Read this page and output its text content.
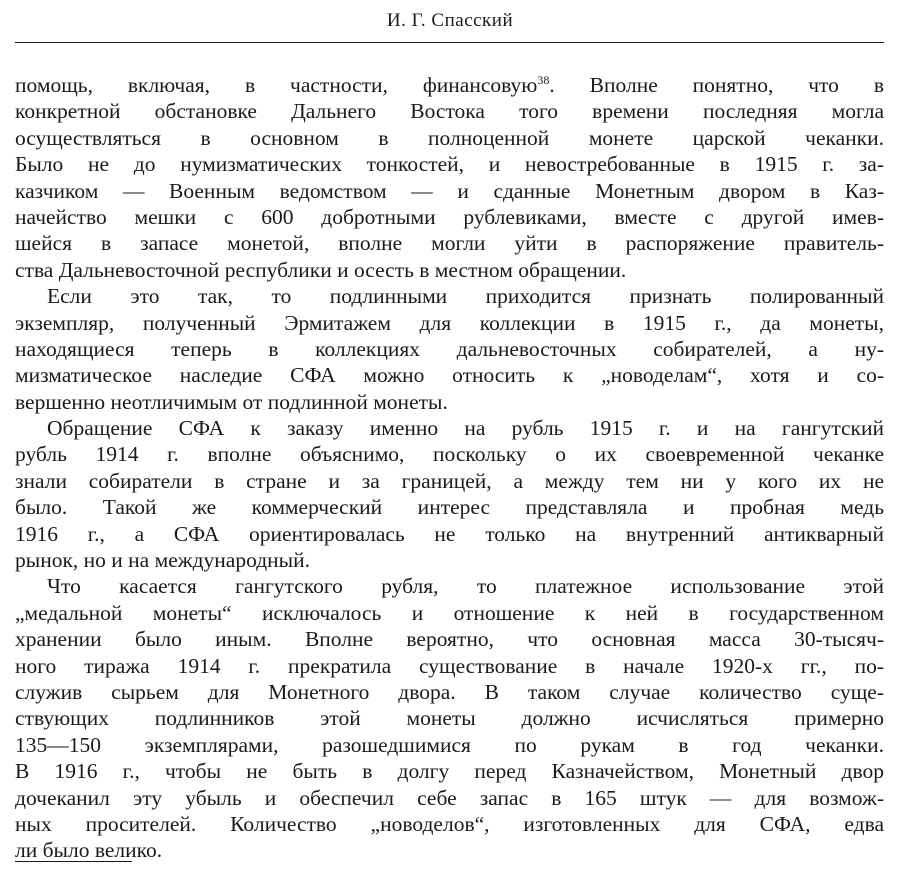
И. Г. Спасский
помощь, включая, в частности, финансовую$^{38}$. Вполне понятно, что в
конкретной обстановке Дальнего Востока того времени последняя могла
осуществляться в основном в полноценной монете царской чеканки.
Было не до нумизматических тонкостей, и невостребованные в 1915 г. за-
казчиком — Военным ведомством — и сданные Монетным двором в Каз-
начейство мешки с 600 добротными рублевиками, вместе с другой имев-
шейся в запасе монетой, вполне могли уйти в распоряжение правитель-
ства Дальневосточной республики и осесть в местном обращении.
Если это так, то подлинными приходится признать полированный
экземпляр, полученный Эрмитажем для коллекции в 1915 г., да монеты,
находящиеся теперь в коллекциях дальневосточных собирателей, а ну-
мизматическое наследие СФА можно относить к „новоделам“, хотя и со-
вершенно неотличимым от подлинной монеты.
Обращение СФА к заказу именно на рубль 1915 г. и на гангутский
рубль 1914 г. вполне объяснимо, поскольку о их своевременной чеканке
знали собиратели в стране и за границей, а между тем ни у кого их не
было. Такой же коммерческий интерес представляла и пробная медь
1916 г., а СФА ориентировалась не только на внутренний антикварный
рынок, но и на международный.
Что касается гангутского рубля, то платежное использование этой
„медальной монеты“ исключалось и отношение к ней в государственном
хранении было иным. Вполне вероятно, что основная масса 30-тысяч-
ного тиража 1914 г. прекратила существование в начале 1920-х гг., по-
служив сырьем для Монетного двора. В таком случае количество суще-
ствующих подлинников этой монеты должно исчисляться примерно
135—150 экземплярами, разошедшимися по рукам в год чеканки.
В 1916 г., чтобы не быть в долгу перед Казначейством, Монетный двор
дочеканил эту убыль и обеспечил себе запас в 165 штук — для возмож-
ных просителей. Количество „новоделов“, изготовленных для СФА, едва
ли было велико.
